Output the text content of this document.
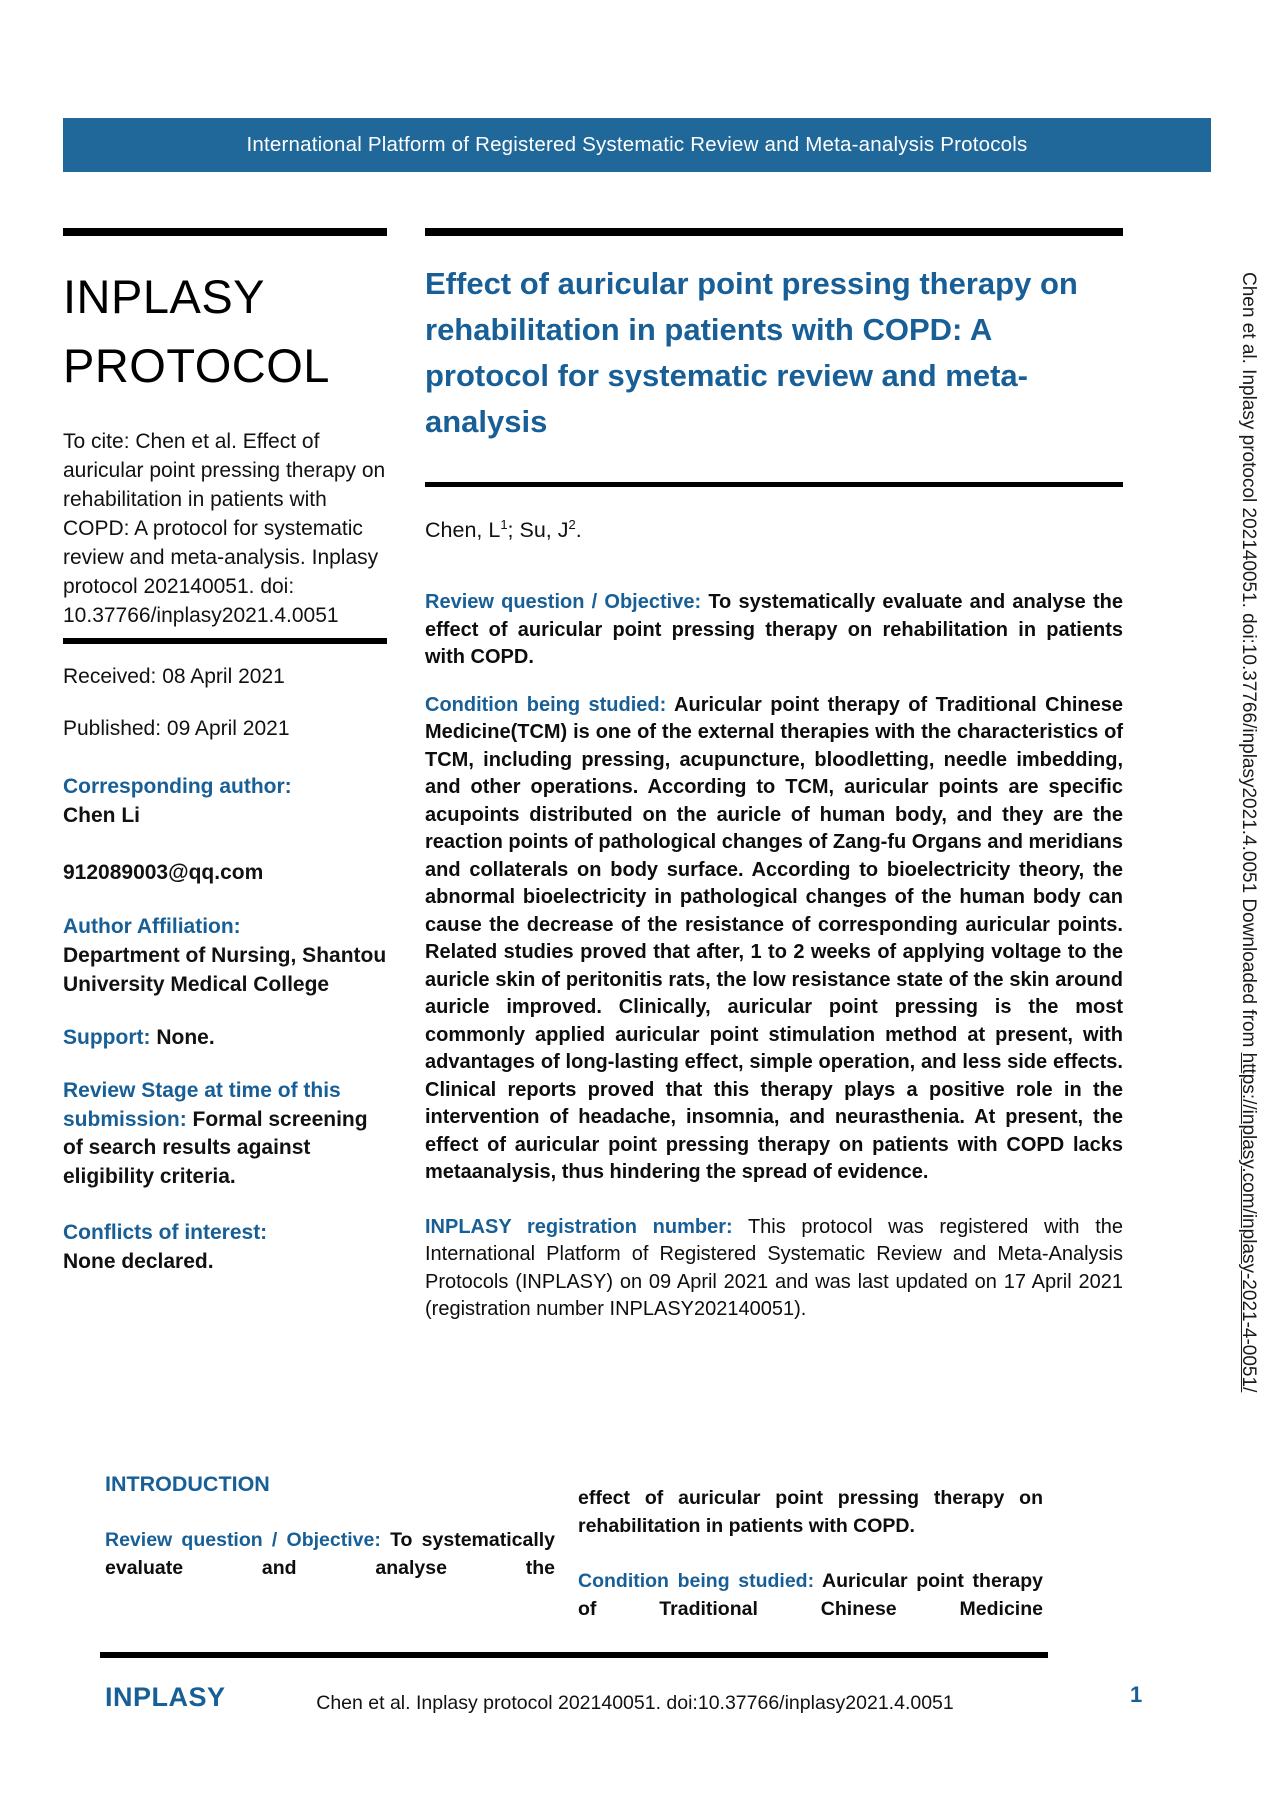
International Platform of Registered Systematic Review and Meta-analysis Protocols
INPLASY
PROTOCOL
To cite: Chen et al. Effect of auricular point pressing therapy on rehabilitation in patients with COPD: A protocol for systematic review and meta-analysis. Inplasy protocol 202140051. doi: 10.37766/inplasy2021.4.0051
Received: 08 April 2021
Published: 09 April 2021
Corresponding author:
Chen Li
912089003@qq.com
Author Affiliation:
Department of Nursing, Shantou University Medical College
Support: None.
Review Stage at time of this submission: Formal screening of search results against eligibility criteria.
Conflicts of interest:
None declared.
Effect of auricular point pressing therapy on rehabilitation in patients with COPD: A protocol for systematic review and meta-analysis
Chen, $L^1$; Su, $J^2$.

Review question / Objective: To systematically evaluate and analyse the effect of auricular point pressing therapy on rehabilitation in patients with COPD.

Condition being studied: Auricular point therapy of Traditional Chinese Medicine(TCM) is one of the external therapies with the characteristics of TCM, including pressing, acupuncture, bloodletting, needle imbedding, and other operations. According to TCM, auricular points are specific acupoints distributed on the auricle of human body, and they are the reaction points of pathological changes of Zang-fu Organs and meridians and collaterals on body surface. According to bioelectricity theory, the abnormal bioelectricity in pathological changes of the human body can cause the decrease of the resistance of corresponding auricular points. Related studies proved that after, 1 to 2 weeks of applying voltage to the auricle skin of peritonitis rats, the low resistance state of the skin around auricle improved. Clinically, auricular point pressing is the most commonly applied auricular point stimulation method at present, with advantages of long-lasting effect, simple operation, and less side effects. Clinical reports proved that this therapy plays a positive role in the intervention of headache, insomnia, and neurasthenia. At present, the effect of auricular point pressing therapy on patients with COPD lacks metaanalysis, thus hindering the spread of evidence.

INPLASY registration number: This protocol was registered with the International Platform of Registered Systematic Review and Meta-Analysis Protocols (INPLASY) on 09 April 2021 and was last updated on 17 April 2021 (registration number INPLASY202140051).

INTRODUCTION

Review question / Objective: To systematically evaluate and analyse the

effect of auricular point pressing therapy on rehabilitation in patients with COPD.

Condition being studied: Auricular point therapy of Traditional Chinese Medicine

INPLASY	Chen et al. Inplasy protocol 202140051. doi:10.37766/inplasy2021.4.0051	1
Chen et al. Inplasy protocol 202140051. doi:10.37766/inplasy2021.4.0051 Downloaded from https://inplasy.com/inplasy-2021-4-0051/
